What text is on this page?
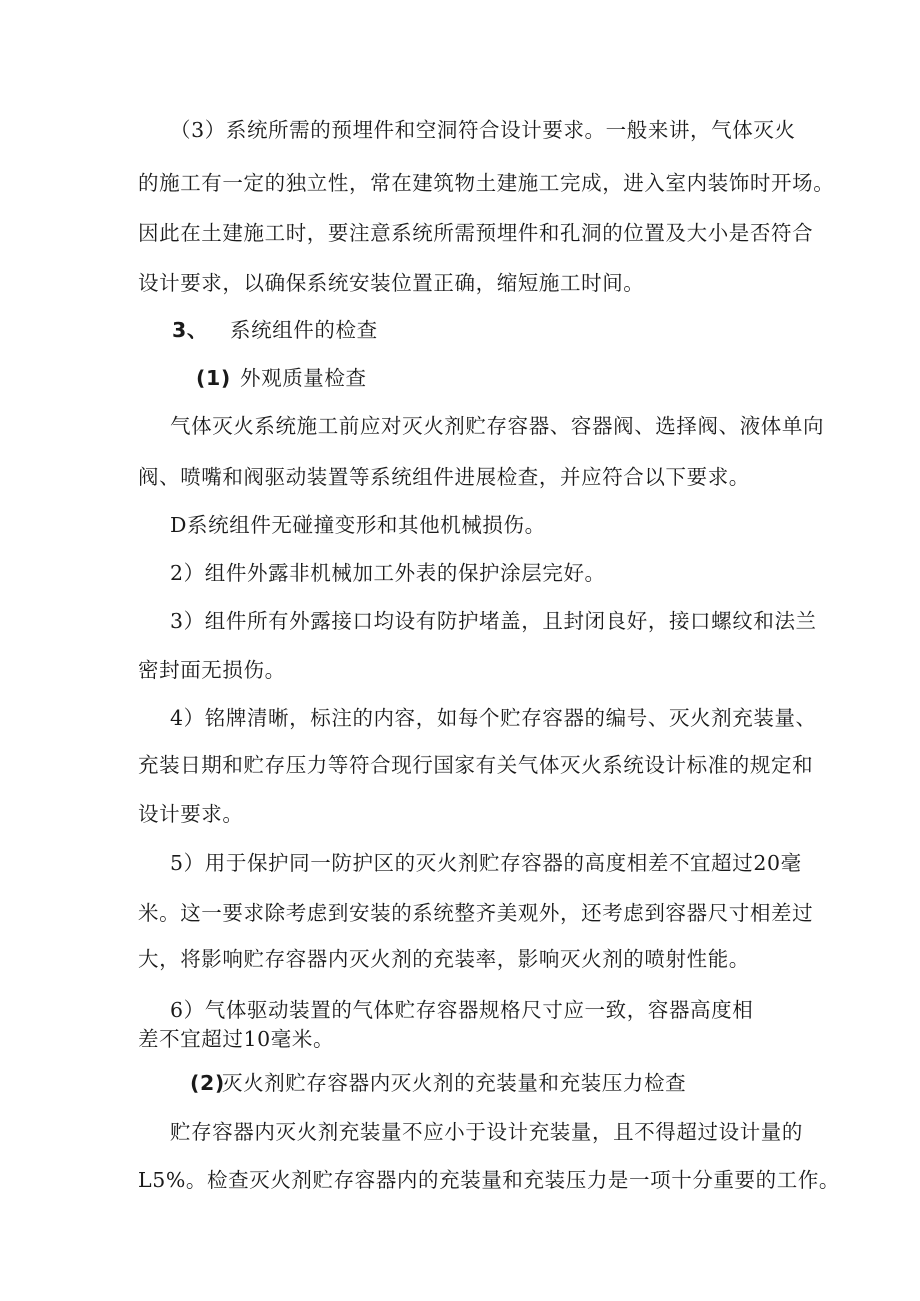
（3）系统所需的预埋件和空洞符合设计要求。一般来讲，气体灭火
的施工有一定的独立性，常在建筑物土建施工完成，进入室内装饰时开场。
因此在土建施工时，要注意系统所需预埋件和孔洞的位置及大小是否符合
设计要求，以确保系统安装位置正确，缩短施工时间。
3、 系统组件的检查
(1) 外观质量检查
气体灭火系统施工前应对灭火剂贮存容器、容器阀、选择阀、液体单向
阀、喷嘴和阀驱动装置等系统组件进展检查，并应符合以下要求。
D系统组件无碰撞变形和其他机械损伤。
2）组件外露非机械加工外表的保护涂层完好。
3）组件所有外露接口均设有防护堵盖，且封闭良好，接口螺纹和法兰
密封面无损伤。
4）铭牌清晰，标注的内容，如每个贮存容器的编号、灭火剂充装量、
充装日期和贮存压力等符合现行国家有关气体灭火系统设计标准的规定和
设计要求。
5）用于保护同一防护区的灭火剂贮存容器的高度相差不宜超过20毫
米。这一要求除考虑到安装的系统整齐美观外，还考虑到容器尺寸相差过
大，将影响贮存容器内灭火剂的充装率，影响灭火剂的喷射性能。
6）气体驱动装置的气体贮存容器规格尺寸应一致，容器高度相
差不宜超过10毫米。
(2)
灭火剂贮存容器内灭火剂的充装量和充装压力检查
贮存容器内灭火剂充装量不应小于设计充装量，且不得超过设计量的
L5%。检查灭火剂贮存容器内的充装量和充装压力是一项十分重要的工作。
